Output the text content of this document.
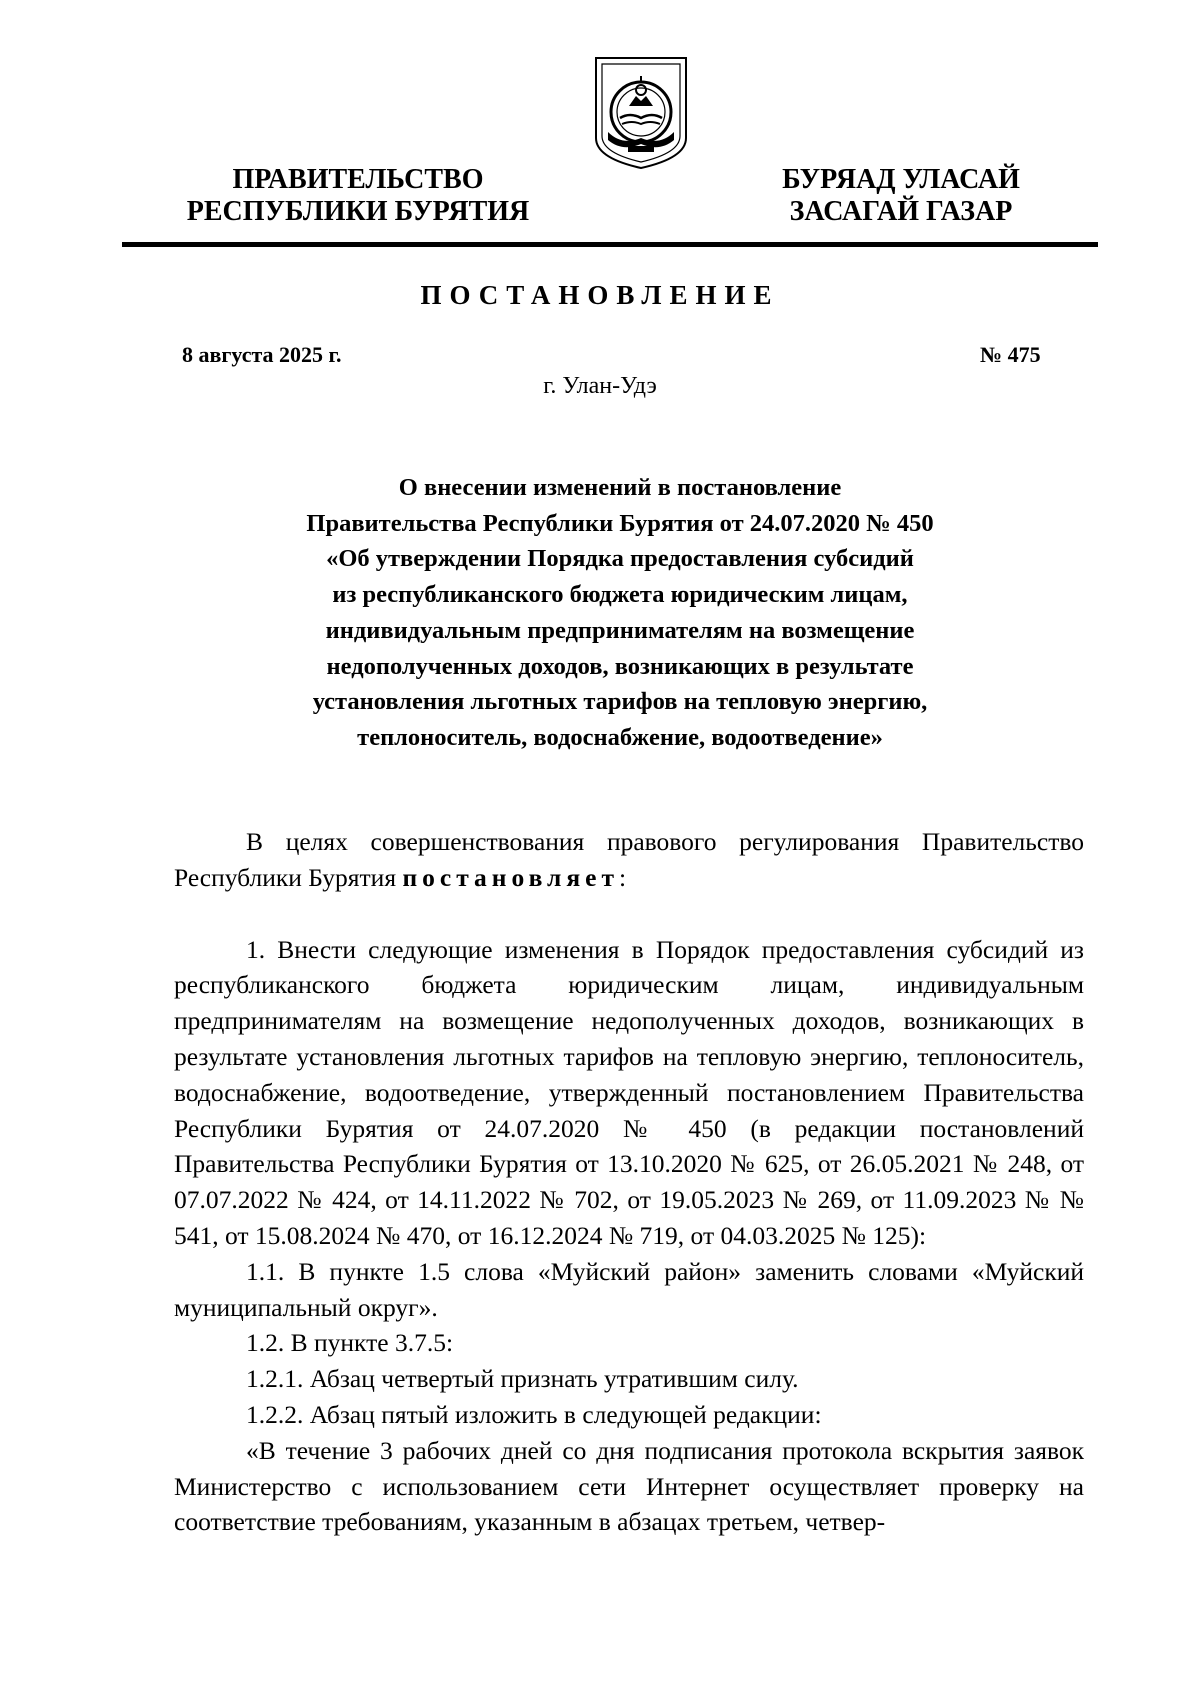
ПРАВИТЕЛЬСТВО
РЕСПУБЛИКИ БУРЯТИЯ
БУРЯАД УЛАСАЙ
ЗАСАГАЙ ГАЗАР
ПОСТАНОВЛЕНИЕ
8 августа 2025 г.	№ 475
г. Улан-Удэ
О внесении изменений в постановление
Правительства Республики Бурятия от 24.07.2020 № 450
«Об утверждении Порядка предоставления субсидий
из республиканского бюджета юридическим лицам,
индивидуальным предпринимателям на возмещение
недополученных доходов, возникающих в результате
установления льготных тарифов на тепловую энергию,
теплоноситель, водоснабжение, водоотведение»

В целях совершенствования правового регулирования Правительство Республики Бурятия постановляет:

1. Внести следующие изменения в Порядок предоставления субсидий из республиканского бюджета юридическим лицам, индивидуальным предпринимателям на возмещение недополученных доходов, возникающих в результате установления льготных тарифов на тепловую энергию, теплоноситель, водоснабжение, водоотведение, утвержденный постановлением Правительства Республики Бурятия от 24.07.2020 № 450 (в редакции постановлений Правительства Республики Бурятия от 13.10.2020 № 625, от 26.05.2021 № 248, от 07.07.2022 № 424, от 14.11.2022 № 702, от 19.05.2023 № 269, от 11.09.2023 № № 541, от 15.08.2024 № 470, от 16.12.2024 № 719, от 04.03.2025 № 125):

1.1. В пункте 1.5 слова «Муйский район» заменить словами «Муйский муниципальный округ».

1.2. В пункте 3.7.5:

1.2.1. Абзац четвертый признать утратившим силу.

1.2.2. Абзац пятый изложить в следующей редакции:

«В течение 3 рабочих дней со дня подписания протокола вскрытия заявок Министерство с использованием сети Интернет осуществляет проверку на соответствие требованиям, указанным в абзацах третьем, четвер-
